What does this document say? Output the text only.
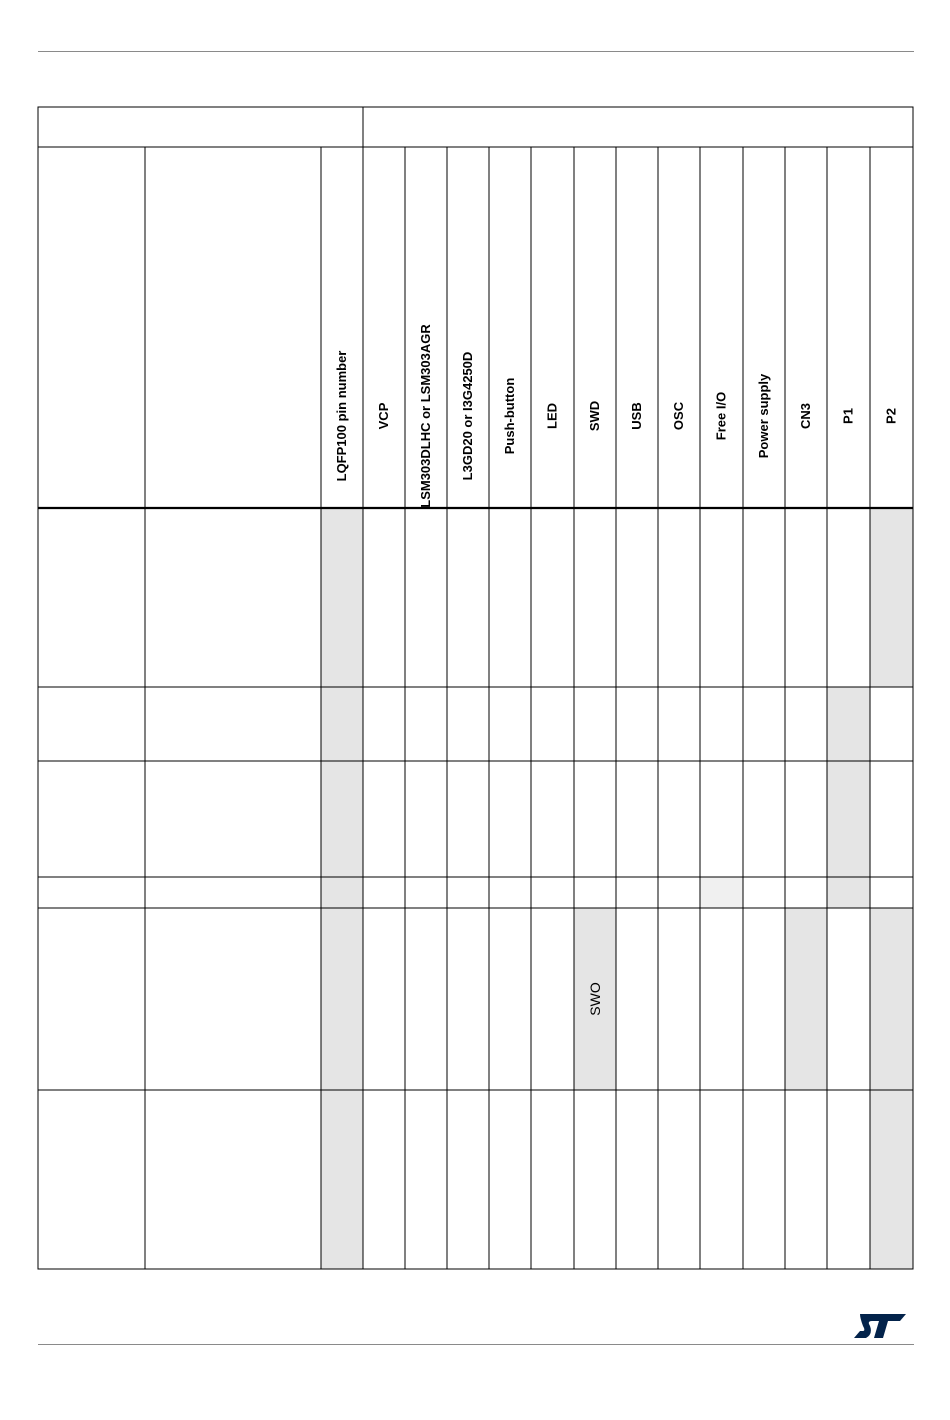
LQFP100 pin number VCP LSM303DLHC or LSM303AGR L3GD20 or I3G4250D Push-button LED SWD USB OSC Free I/O Power supply CN3 P1 P2
SWO
